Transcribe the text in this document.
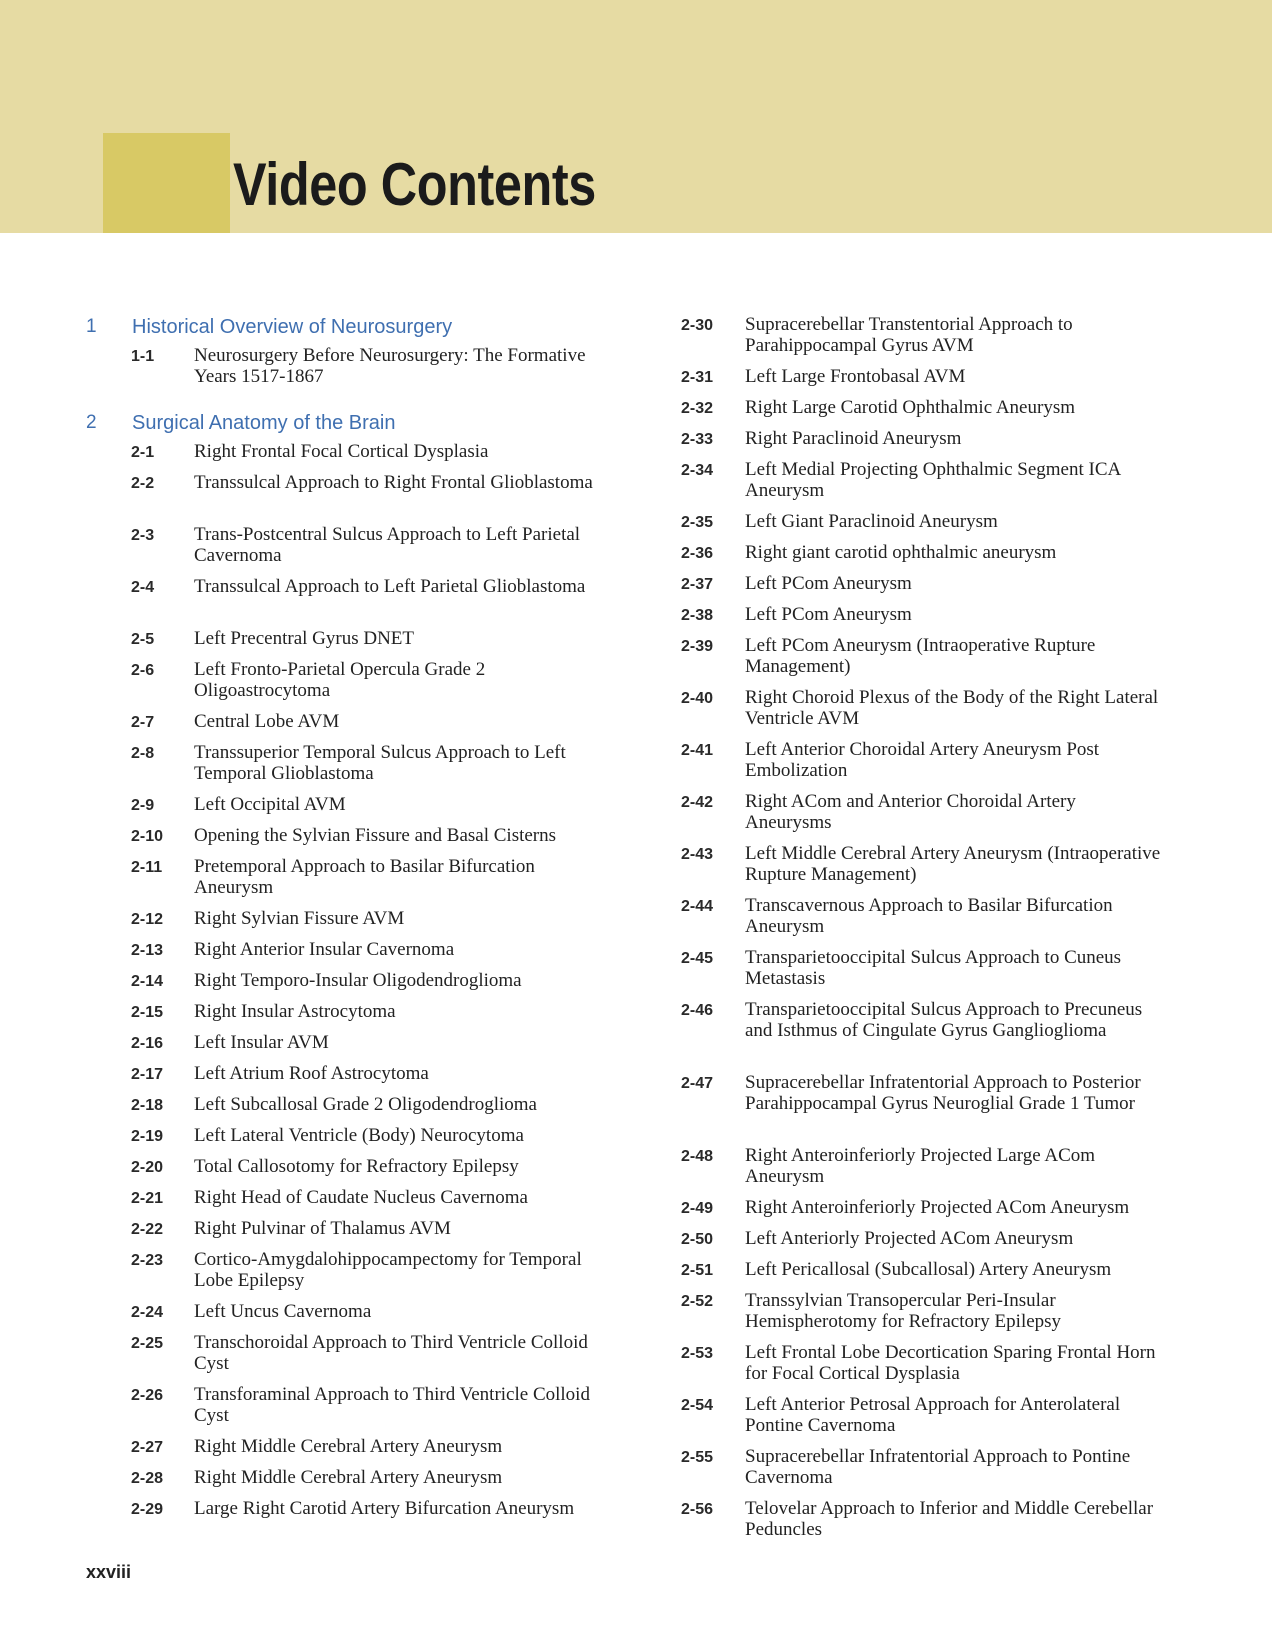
Video Contents
1 Historical Overview of Neurosurgery
1-1 Neurosurgery Before Neurosurgery: The Formative Years 1517-1867
2 Surgical Anatomy of the Brain
2-1 Right Frontal Focal Cortical Dysplasia
2-2 Transsulcal Approach to Right Frontal Glioblastoma
2-3 Trans-Postcentral Sulcus Approach to Left Parietal Cavernoma
2-4 Transsulcal Approach to Left Parietal Glioblastoma
2-5 Left Precentral Gyrus DNET
2-6 Left Fronto-Parietal Opercula Grade 2 Oligoastrocytoma
2-7 Central Lobe AVM
2-8 Transsuperior Temporal Sulcus Approach to Left Temporal Glioblastoma
2-9 Left Occipital AVM
2-10 Opening the Sylvian Fissure and Basal Cisterns
2-11 Pretemporal Approach to Basilar Bifurcation Aneurysm
2-12 Right Sylvian Fissure AVM
2-13 Right Anterior Insular Cavernoma
2-14 Right Temporo-Insular Oligodendroglioma
2-15 Right Insular Astrocytoma
2-16 Left Insular AVM
2-17 Left Atrium Roof Astrocytoma
2-18 Left Subcallosal Grade 2 Oligodendroglioma
2-19 Left Lateral Ventricle (Body) Neurocytoma
2-20 Total Callosotomy for Refractory Epilepsy
2-21 Right Head of Caudate Nucleus Cavernoma
2-22 Right Pulvinar of Thalamus AVM
2-23 Cortico-Amygdalohippocampectomy for Temporal Lobe Epilepsy
2-24 Left Uncus Cavernoma
2-25 Transchoroidal Approach to Third Ventricle Colloid Cyst
2-26 Transforaminal Approach to Third Ventricle Colloid Cyst
2-27 Right Middle Cerebral Artery Aneurysm
2-28 Right Middle Cerebral Artery Aneurysm
2-29 Large Right Carotid Artery Bifurcation Aneurysm
2-30 Supracerebellar Transtentorial Approach to Parahippocampal Gyrus AVM
2-31 Left Large Frontobasal AVM
2-32 Right Large Carotid Ophthalmic Aneurysm
2-33 Right Paraclinoid Aneurysm
2-34 Left Medial Projecting Ophthalmic Segment ICA Aneurysm
2-35 Left Giant Paraclinoid Aneurysm
2-36 Right giant carotid ophthalmic aneurysm
2-37 Left PCom Aneurysm
2-38 Left PCom Aneurysm
2-39 Left PCom Aneurysm (Intraoperative Rupture Management)
2-40 Right Choroid Plexus of the Body of the Right Lateral Ventricle AVM
2-41 Left Anterior Choroidal Artery Aneurysm Post Embolization
2-42 Right ACom and Anterior Choroidal Artery Aneurysms
2-43 Left Middle Cerebral Artery Aneurysm (Intraoperative Rupture Management)
2-44 Transcavernous Approach to Basilar Bifurcation Aneurysm
2-45 Transparietooccipital Sulcus Approach to Cuneus Metastasis
2-46 Transparietooccipital Sulcus Approach to Precuneus and Isthmus of Cingulate Gyrus Ganglioglioma
2-47 Supracerebellar Infratentorial Approach to Posterior Parahippocampal Gyrus Neuroglial Grade 1 Tumor
2-48 Right Anteroinferiorly Projected Large ACom Aneurysm
2-49 Right Anteroinferiorly Projected ACom Aneurysm
2-50 Left Anteriorly Projected ACom Aneurysm
2-51 Left Pericallosal (Subcallosal) Artery Aneurysm
2-52 Transsylvian Transopercular Peri-Insular Hemispherotomy for Refractory Epilepsy
2-53 Left Frontal Lobe Decortication Sparing Frontal Horn for Focal Cortical Dysplasia
2-54 Left Anterior Petrosal Approach for Anterolateral Pontine Cavernoma
2-55 Supracerebellar Infratentorial Approach to Pontine Cavernoma
2-56 Telovelar Approach to Inferior and Middle Cerebellar Peduncles
xxviii
